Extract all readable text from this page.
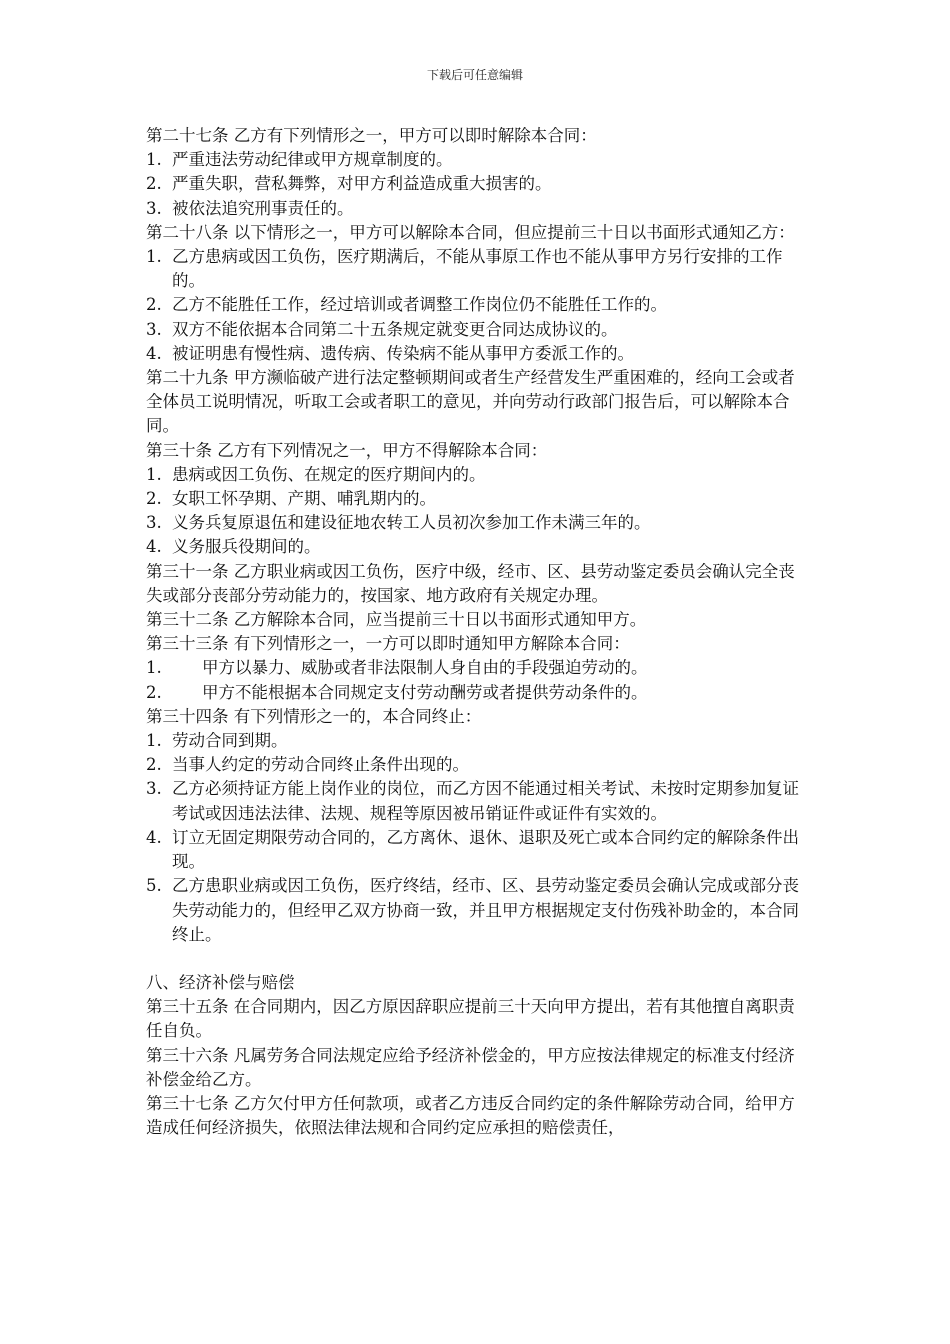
下载后可任意编辑
第二十七条 乙方有下列情形之一，甲方可以即时解除本合同：
1. 严重违法劳动纪律或甲方规章制度的。
2. 严重失职，营私舞弊，对甲方利益造成重大损害的。
3. 被依法追究刑事责任的。
第二十八条 以下情形之一，甲方可以解除本合同，但应提前三十日以书面形式通知乙方：
1. 乙方患病或因工负伤，医疗期满后，不能从事原工作也不能从事甲方另行安排的工作的。
2. 乙方不能胜任工作，经过培训或者调整工作岗位仍不能胜任工作的。
3. 双方不能依据本合同第二十五条规定就变更合同达成协议的。
4. 被证明患有慢性病、遗传病、传染病不能从事甲方委派工作的。
第二十九条 甲方濒临破产进行法定整顿期间或者生产经营发生严重困难的，经向工会或者全体员工说明情况，听取工会或者职工的意见，并向劳动行政部门报告后，可以解除本合同。
第三十条 乙方有下列情况之一，甲方不得解除本合同：
1. 患病或因工负伤、在规定的医疗期间内的。
2. 女职工怀孕期、产期、哺乳期内的。
3. 义务兵复原退伍和建设征地农转工人员初次参加工作未满三年的。
4. 义务服兵役期间的。
第三十一条 乙方职业病或因工负伤，医疗中级，经市、区、县劳动鉴定委员会确认完全丧失或部分丧部分劳动能力的，按国家、地方政府有关规定办理。
第三十二条 乙方解除本合同，应当提前三十日以书面形式通知甲方。
第三十三条 有下列情形之一，一方可以即时通知甲方解除本合同：
1.	甲方以暴力、威胁或者非法限制人身自由的手段强迫劳动的。
2.	甲方不能根据本合同规定支付劳动酬劳或者提供劳动条件的。
第三十四条 有下列情形之一的，本合同终止：
1. 劳动合同到期。
2. 当事人约定的劳动合同终止条件出现的。
3. 乙方必须持证方能上岗作业的岗位，而乙方因不能通过相关考试、未按时定期参加复证考试或因违法法律、法规、规程等原因被吊销证件或证件有实效的。
4. 订立无固定期限劳动合同的，乙方离休、退休、退职及死亡或本合同约定的解除条件出现。
5. 乙方患职业病或因工负伤，医疗终结，经市、区、县劳动鉴定委员会确认完成或部分丧失劳动能力的，但经甲乙双方协商一致，并且甲方根据规定支付伤残补助金的，本合同终止。
八、经济补偿与赔偿
第三十五条 在合同期内，因乙方原因辞职应提前三十天向甲方提出，若有其他擅自离职责任自负。
第三十六条 凡属劳务合同法规定应给予经济补偿金的，甲方应按法律规定的标准支付经济补偿金给乙方。
第三十七条 乙方欠付甲方任何款项，或者乙方违反合同约定的条件解除劳动合同，给甲方造成任何经济损失，依照法律法规和合同约定应承担的赔偿责任，
